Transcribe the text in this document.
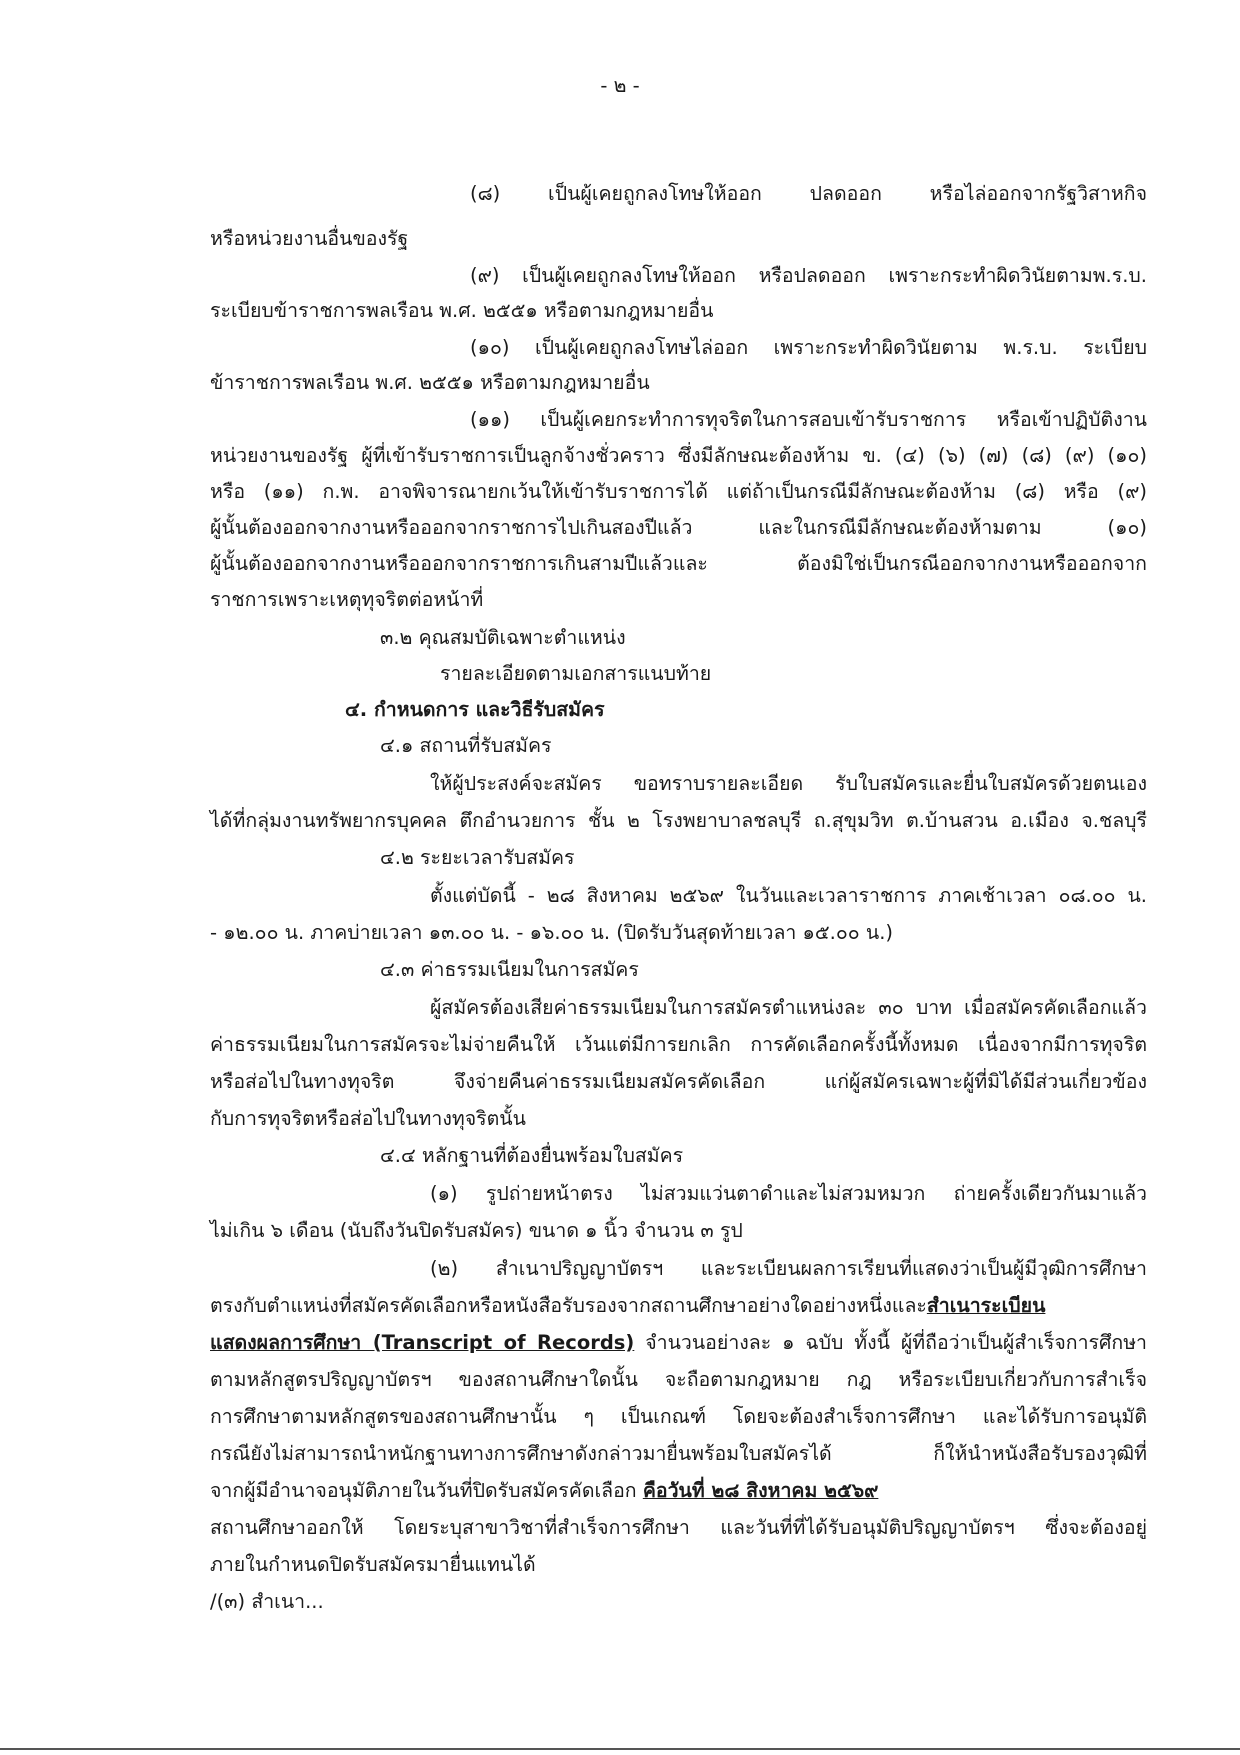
- ๒ -
(๘) เป็นผู้เคยถูกลงโทษให้ออก ปลดออก หรือไล่ออกจากรัฐวิสาหกิจ
หรือหน่วยงานอื่นของรัฐ
(๙) เป็นผู้เคยถูกลงโทษให้ออก หรือปลดออก เพราะกระทำผิดวินัยตามพ.ร.บ.
ระเบียบข้าราชการพลเรือน พ.ศ. ๒๕๕๑ หรือตามกฎหมายอื่น
(๑๐) เป็นผู้เคยถูกลงโทษไล่ออก เพราะกระทำผิดวินัยตาม พ.ร.บ. ระเบียบ
ข้าราชการพลเรือน พ.ศ. ๒๕๕๑ หรือตามกฎหมายอื่น
(๑๑) เป็นผู้เคยกระทำการทุจริตในการสอบเข้ารับราชการ หรือเข้าปฏิบัติงาน
หน่วยงานของรัฐ ผู้ที่เข้ารับราชการเป็นลูกจ้างชั่วคราว ซึ่งมีลักษณะต้องห้าม ข. (๔) (๖) (๗) (๘) (๙) (๑๐)
หรือ (๑๑) ก.พ. อาจพิจารณายกเว้นให้เข้ารับราชการได้ แต่ถ้าเป็นกรณีมีลักษณะต้องห้าม (๘) หรือ (๙)
ผู้นั้นต้องออกจากงานหรือออกจากราชการไปเกินสองปีแล้ว และในกรณีมีลักษณะต้องห้ามตาม (๑๐)
ผู้นั้นต้องออกจากงานหรือออกจากราชการเกินสามปีแล้วและ ต้องมิใช่เป็นกรณีออกจากงานหรือออกจาก
ราชการเพราะเหตุทุจริตต่อหน้าที่
๓.๒ คุณสมบัติเฉพาะตำแหน่ง
รายละเอียดตามเอกสารแนบท้าย
๔. กำหนดการ และวิธีรับสมัคร
๔.๑ สถานที่รับสมัคร
ให้ผู้ประสงค์จะสมัคร ขอทราบรายละเอียด รับใบสมัครและยื่นใบสมัครด้วยตนเอง
ได้ที่กลุ่มงานทรัพยากรบุคคล ตึกอำนวยการ ชั้น ๒ โรงพยาบาลชลบุรี ถ.สุขุมวิท ต.บ้านสวน อ.เมือง จ.ชลบุรี
๔.๒ ระยะเวลารับสมัคร
ตั้งแต่บัดนี้ - ๒๘ สิงหาคม ๒๕๖๙ ในวันและเวลาราชการ ภาคเช้าเวลา ๐๘.๐๐ น.
- ๑๒.๐๐ น. ภาคบ่ายเวลา ๑๓.๐๐ น. - ๑๖.๐๐ น. (ปิดรับวันสุดท้ายเวลา ๑๕.๐๐ น.)
๔.๓ ค่าธรรมเนียมในการสมัคร
ผู้สมัครต้องเสียค่าธรรมเนียมในการสมัครตำแหน่งละ ๓๐ บาท เมื่อสมัครคัดเลือกแล้ว
ค่าธรรมเนียมในการสมัครจะไม่จ่ายคืนให้ เว้นแต่มีการยกเลิก การคัดเลือกครั้งนี้ทั้งหมด เนื่องจากมีการทุจริต
หรือส่อไปในทางทุจริต จึงจ่ายคืนค่าธรรมเนียมสมัครคัดเลือก แก่ผู้สมัครเฉพาะผู้ที่มิได้มีส่วนเกี่ยวข้อง
กับการทุจริตหรือส่อไปในทางทุจริตนั้น
๔.๔ หลักฐานที่ต้องยื่นพร้อมใบสมัคร
(๑) รูปถ่ายหน้าตรง ไม่สวมแว่นตาดำและไม่สวมหมวก ถ่ายครั้งเดียวกันมาแล้ว
ไม่เกิน ๖ เดือน (นับถึงวันปิดรับสมัคร) ขนาด ๑ นิ้ว จำนวน ๓ รูป
(๒) สำเนาปริญญาบัตรฯ และระเบียนผลการเรียนที่แสดงว่าเป็นผู้มีวุฒิการศึกษา
ตรงกับตำแหน่งที่สมัครคัดเลือกหรือหนังสือรับรองจากสถานศึกษาอย่างใดอย่างหนึ่งและสำเนาระเบียน
แสดงผลการศึกษา (Transcript of Records) จำนวนอย่างละ ๑ ฉบับ ทั้งนี้ ผู้ที่ถือว่าเป็นผู้สำเร็จการศึกษา
ตามหลักสูตรปริญญาบัตรฯ ของสถานศึกษาใดนั้น จะถือตามกฎหมาย กฎ หรือระเบียบเกี่ยวกับการสำเร็จ
การศึกษาตามหลักสูตรของสถานศึกษานั้น ๆ เป็นเกณฑ์ โดยจะต้องสำเร็จการศึกษา และได้รับการอนุมัติ
กรณียังไม่สามารถนำหนักฐานทางการศึกษาดังกล่าวมายื่นพร้อมใบสมัครได้ ก็ให้นำหนังสือรับรองวุฒิที่
จากผู้มีอำนาจอนุมัติภายในวันที่ปิดรับสมัครคัดเลือก คือวันที่ ๒๘ สิงหาคม ๒๕๖๙
สถานศึกษาออกให้ โดยระบุสาขาวิชาที่สำเร็จการศึกษา และวันที่ที่ได้รับอนุมัติปริญญาบัตรฯ ซึ่งจะต้องอยู่
ภายในกำหนดปิดรับสมัครมายื่นแทนได้
/(๓) สำเนา...
